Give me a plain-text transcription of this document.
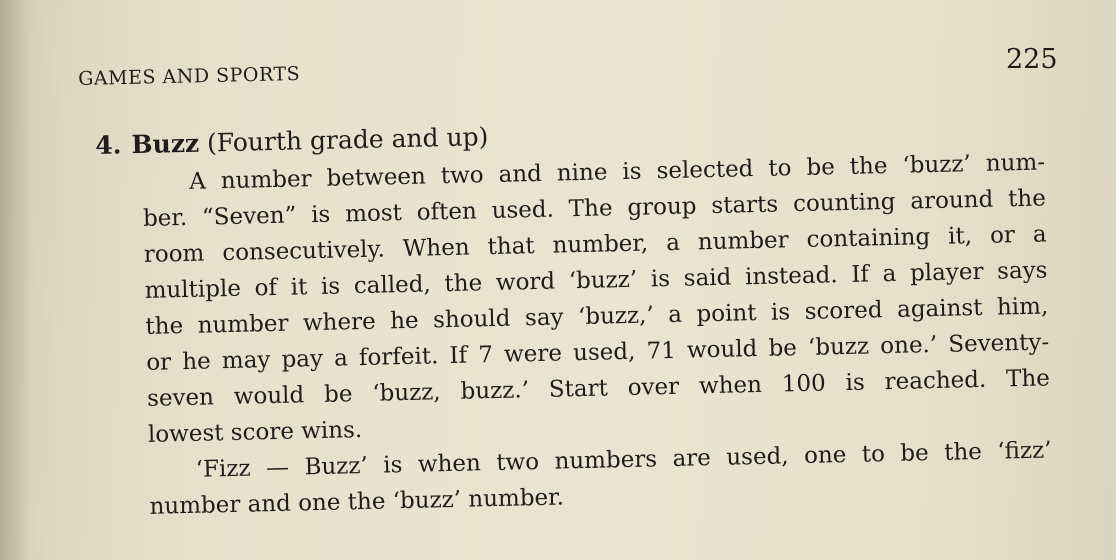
GAMES AND SPORTS
225
4. Buzz (Fourth grade and up)
A number between two and nine is selected to be the ‘buzz’ num-
ber. “Seven” is most often used. The group starts counting around the
room consecutively. When that number, a number containing it, or a
multiple of it is called, the word ‘buzz’ is said instead. If a player says
the number where he should say ‘buzz,’ a point is scored against him,
or he may pay a forfeit. If 7 were used, 71 would be ‘buzz one.’ Seventy-
seven would be ‘buzz, buzz.’ Start over when 100 is reached. The
lowest score wins.
‘Fizz — Buzz’ is when two numbers are used, one to be the ‘fizz’
number and one the ‘buzz’ number.
